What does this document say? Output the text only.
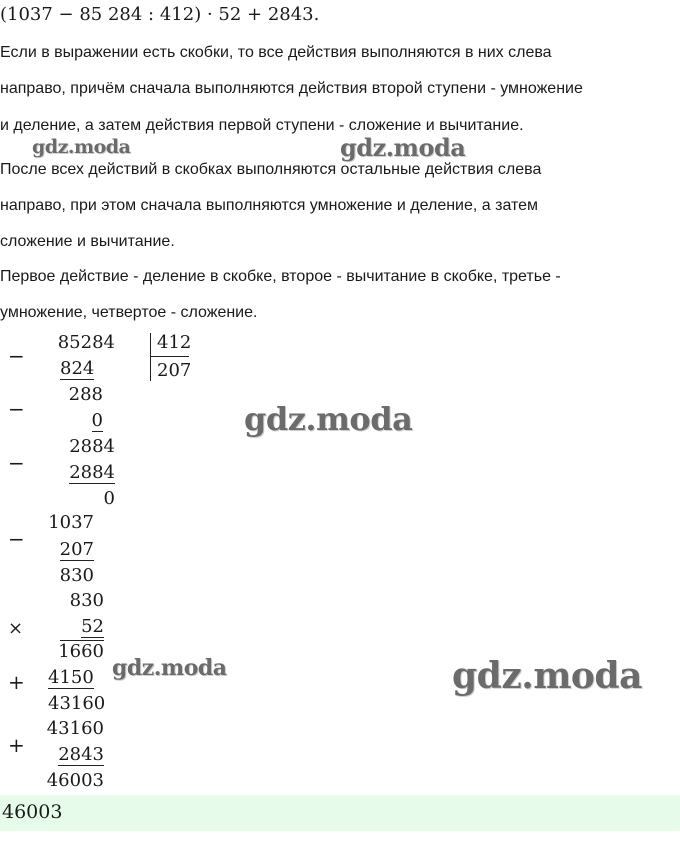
(1037 − 85 284 : 412) · 52 + 2843.
Если в выражении есть скобки, то все действия выполняются в них слева
направо, причём сначала выполняются действия второй ступени - умножение
и деление, а затем действия первой ступени - сложение и вычитание.
После всех действий в скобках выполняются остальные действия слева
направо, при этом сначала выполняются умножение и деление, а затем
сложение и вычитание.
Первое действие - деление в скобке, второе - вычитание в скобке, третье -
умножение, четвертое - сложение.
gdz.moda	gdz.moda
gdz.moda
gdz.moda	gdz.moda
−
85284
824
412
207
−
288
0
−
2884
2884
0
−
1037
207
830
×
830
52
1660
+ 4150
43160
+
43160
2843
46003
46003
